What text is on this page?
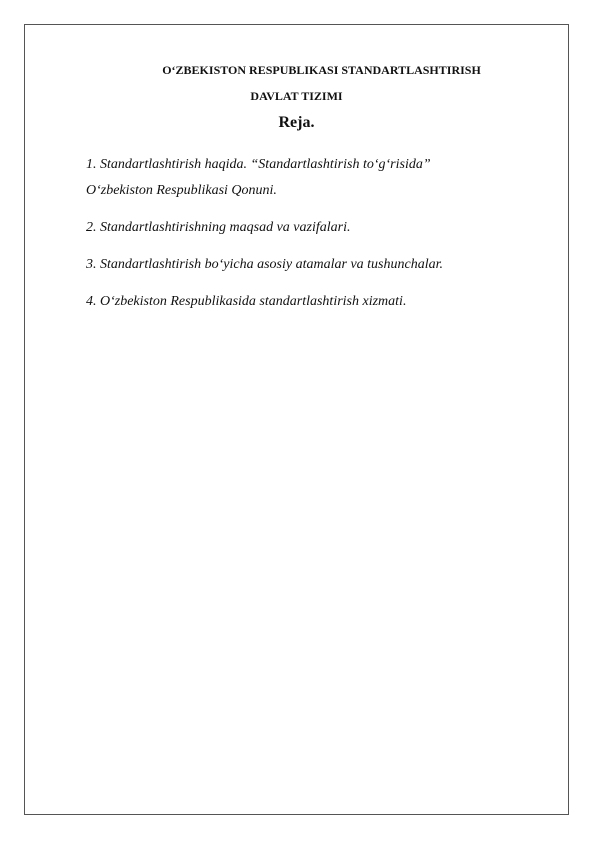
O‘ZBEKISTON RESPUBLIKASI STANDARTLASHTIRISH
DAVLAT TIZIMI
Reja.
1. Standartlashtirish haqida. “Standartlashtirish to‘g‘risida”
O‘zbekiston Respublikasi Qonuni.
2. Standartlashtirishning maqsad va vazifalari.
3. Standartlashtirish bo‘yicha asosiy atamalar va tushunchalar.
4. O‘zbekiston Respublikasida standartlashtirish xizmati.
